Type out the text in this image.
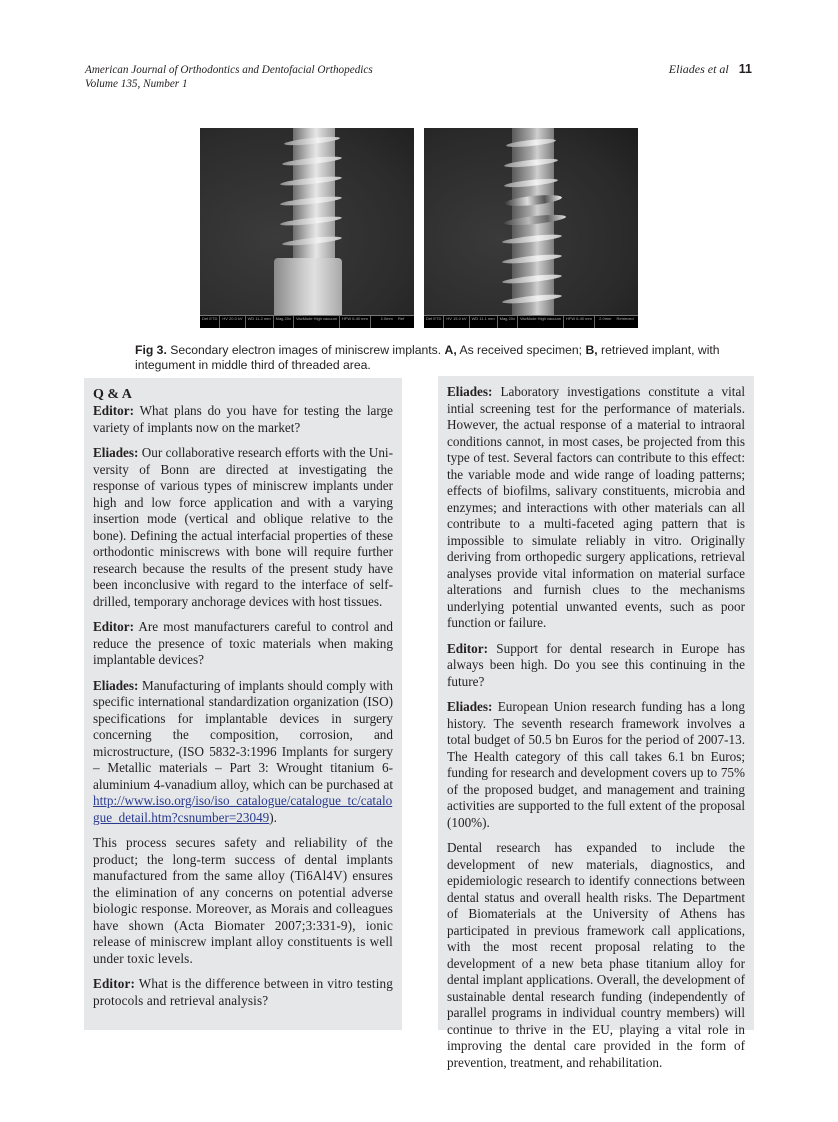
American Journal of Orthodontics and Dentofacial Orthopedics
Volume 135, Number 1
Eliades et al 11
Det ETD	HV 20.0 kV	WD 11.2 mm	Mag 20x	VacMode High vacuum	HFW 6.40 mm	2.0mm Ref	Det ETD	HV 15.0 kV	WD 11.1 mm	Mag 20x	VacMode High vacuum	HFW 6.40 mm	2.0mm Retrieved
Fig 3. Secondary electron images of miniscrew implants. A, As received specimen; B, retrieved implant, with integument in middle third of threaded area.

Q & A

Editor: What plans do you have for testing the large variety of implants now on the market?

Eliades: Our collaborative research efforts with the University of Bonn are directed at investigating the response of various types of miniscrew implants under high and low force application and with a varying insertion mode (vertical and oblique relative to the bone). Defining the actual interfacial properties of these orthodontic miniscrews with bone will require further research because the results of the present study have been inconclusive with regard to the interface of self-drilled, temporary anchorage devices with host tissues.

Editor: Are most manufacturers careful to control and reduce the presence of toxic materials when making implantable devices?

Eliades: Manufacturing of implants should comply with specific international standardization organization (ISO) specifications for implantable devices in surgery concerning the composition, corrosion, and microstructure, (ISO 5832-3:1996 Implants for surgery – Metallic materials – Part 3: Wrought titanium 6-aluminium 4-vanadium alloy, which can be purchased at http://www.iso.org/iso/iso_catalogue/catalogue_tc/catalogue_detail.htm?csnumber=23049).

This process secures safety and reliability of the product; the long-term success of dental implants manufactured from the same alloy (Ti6Al4V) ensures the elimination of any concerns on potential adverse biologic response. Moreover, as Morais and colleagues have shown (Acta Biomater 2007;3:331-9), ionic release of miniscrew implant alloy constituents is well under toxic levels.

Editor: What is the difference between in vitro testing protocols and retrieval analysis?

Eliades: Laboratory investigations constitute a vital intial screening test for the performance of materials. However, the actual response of a material to intraoral conditions cannot, in most cases, be projected from this type of test. Several factors can contribute to this effect: the variable mode and wide range of loading patterns; effects of biofilms, salivary constituents, microbia and enzymes; and interactions with other materials can all contribute to a multi-faceted aging pattern that is impossible to simulate reliably in vitro. Originally deriving from orthopedic surgery applications, retrieval analyses provide vital information on material surface alterations and furnish clues to the mechanisms underlying potential unwanted events, such as poor function or failure.

Editor: Support for dental research in Europe has always been high. Do you see this continuing in the future?

Eliades: European Union research funding has a long history. The seventh research framework involves a total budget of 50.5 bn Euros for the period of 2007-13. The Health category of this call takes 6.1 bn Euros; funding for research and development covers up to 75% of the proposed budget, and management and training activities are supported to the full extent of the proposal (100%).

Dental research has expanded to include the development of new materials, diagnostics, and epidemiologic research to identify connections between dental status and overall health risks. The Department of Biomaterials at the University of Athens has participated in previous framework call applications, with the most recent proposal relating to the development of a new beta phase titanium alloy for dental implant applications. Overall, the development of sustainable dental research funding (independently of parallel programs in individual country members) will continue to thrive in the EU, playing a vital role in improving the dental care provided in the form of prevention, treatment, and rehabilitation.
